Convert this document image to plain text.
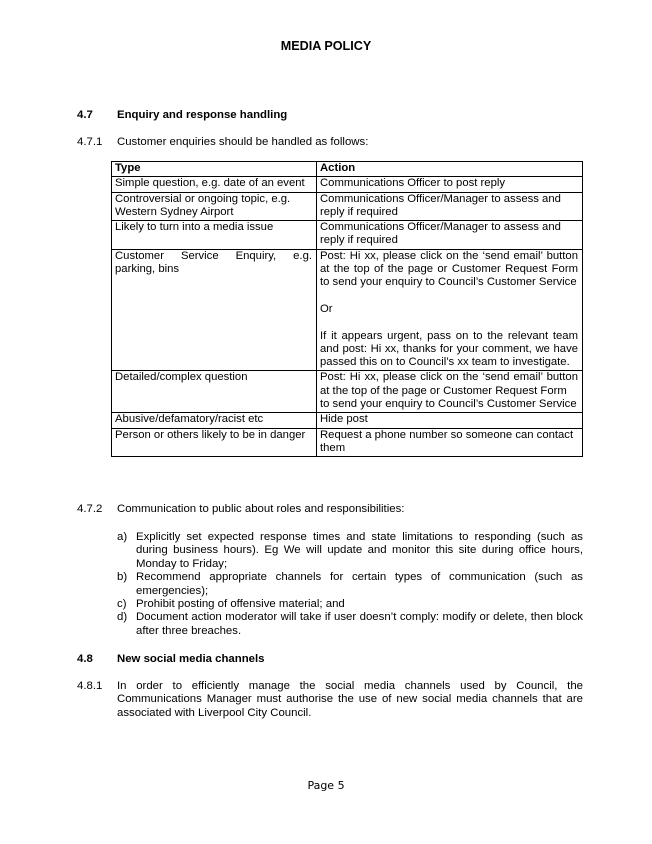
MEDIA POLICY
4.7 Enquiry and response handling
4.7.1 Customer enquiries should be handled as follows:
Type	Action
Simple question, e.g. date of an event	Communications Officer to post reply
Controversial or ongoing topic, e.g. Western Sydney Airport	Communications Officer/Manager to assess and reply if required
Likely to turn into a media issue	Communications Officer/Manager to assess and reply if required
Customer Service Enquiry, e.g. parking, bins	Post: Hi xx, please click on the ‘send email’ button at the top of the page or Customer Request Form to send your enquiry to Council’s Customer Service
Or
If it appears urgent, pass on to the relevant team and post: Hi xx, thanks for your comment, we have passed this on to Council’s xx team to investigate.

Detailed/complex question	Post: Hi xx, please click on the ‘send email’ button at the top of the page or Customer Request Form
to send your enquiry to Council’s Customer Service

Abusive/defamatory/racist etc	Hide post
Person or others likely to be in danger	Request a phone number so someone can contact them
4.7.2 Communication to public about roles and responsibilities:
a) Explicitly set expected response times and state limitations to responding (such as during business hours). Eg We will update and monitor this site during office hours, Monday to Friday;
b) Recommend appropriate channels for certain types of communication (such as emergencies);
c) Prohibit posting of offensive material; and
d) Document action moderator will take if user doesn’t comply: modify or delete, then block after three breaches.
4.8 New social media channels
4.8.1 In order to efficiently manage the social media channels used by Council, the Communications Manager must authorise the use of new social media channels that are associated with Liverpool City Council.
Page 5
